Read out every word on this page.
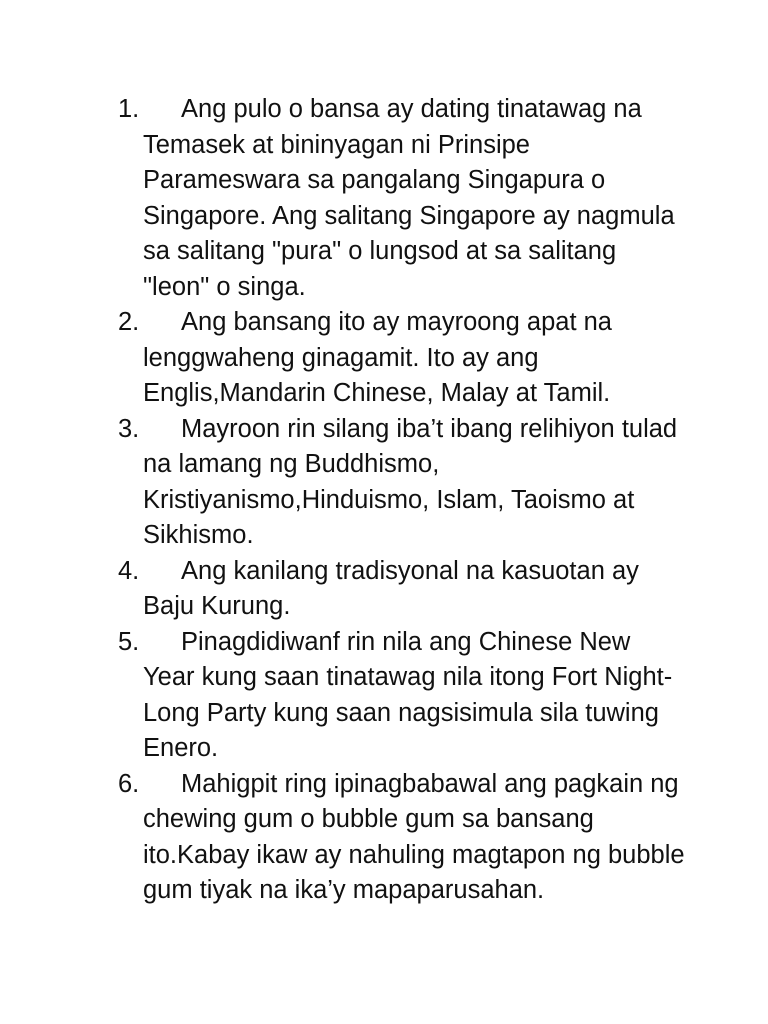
1.	Ang pulo o bansa ay dating tinatawag na Temasek at bininyagan ni Prinsipe Parameswara sa pangalang Singapura o Singapore. Ang salitang Singapore ay nagmula sa salitang "pura" o lungsod at sa salitang "leon" o singa.
2.	Ang bansang ito ay mayroong apat na lenggwaheng ginagamit. Ito ay ang Englis,Mandarin Chinese, Malay at Tamil.
3.	Mayroon rin silang iba’t ibang relihiyon tulad na lamang ng Buddhismo, Kristiyanismo,Hinduismo, Islam, Taoismo at Sikhismo.
4.	Ang kanilang tradisyonal na kasuotan ay Baju Kurung.
5.	Pinagdidiwanf rin nila ang Chinese New Year kung saan tinatawag nila itong Fort Night-Long Party kung saan nagsisimula sila tuwing Enero.
6.	Mahigpit ring ipinagbabawal ang pagkain ng chewing gum o bubble gum sa bansang ito.Kabay ikaw ay nahuling magtapon ng bubble gum tiyak na ika’y mapaparusahan.
